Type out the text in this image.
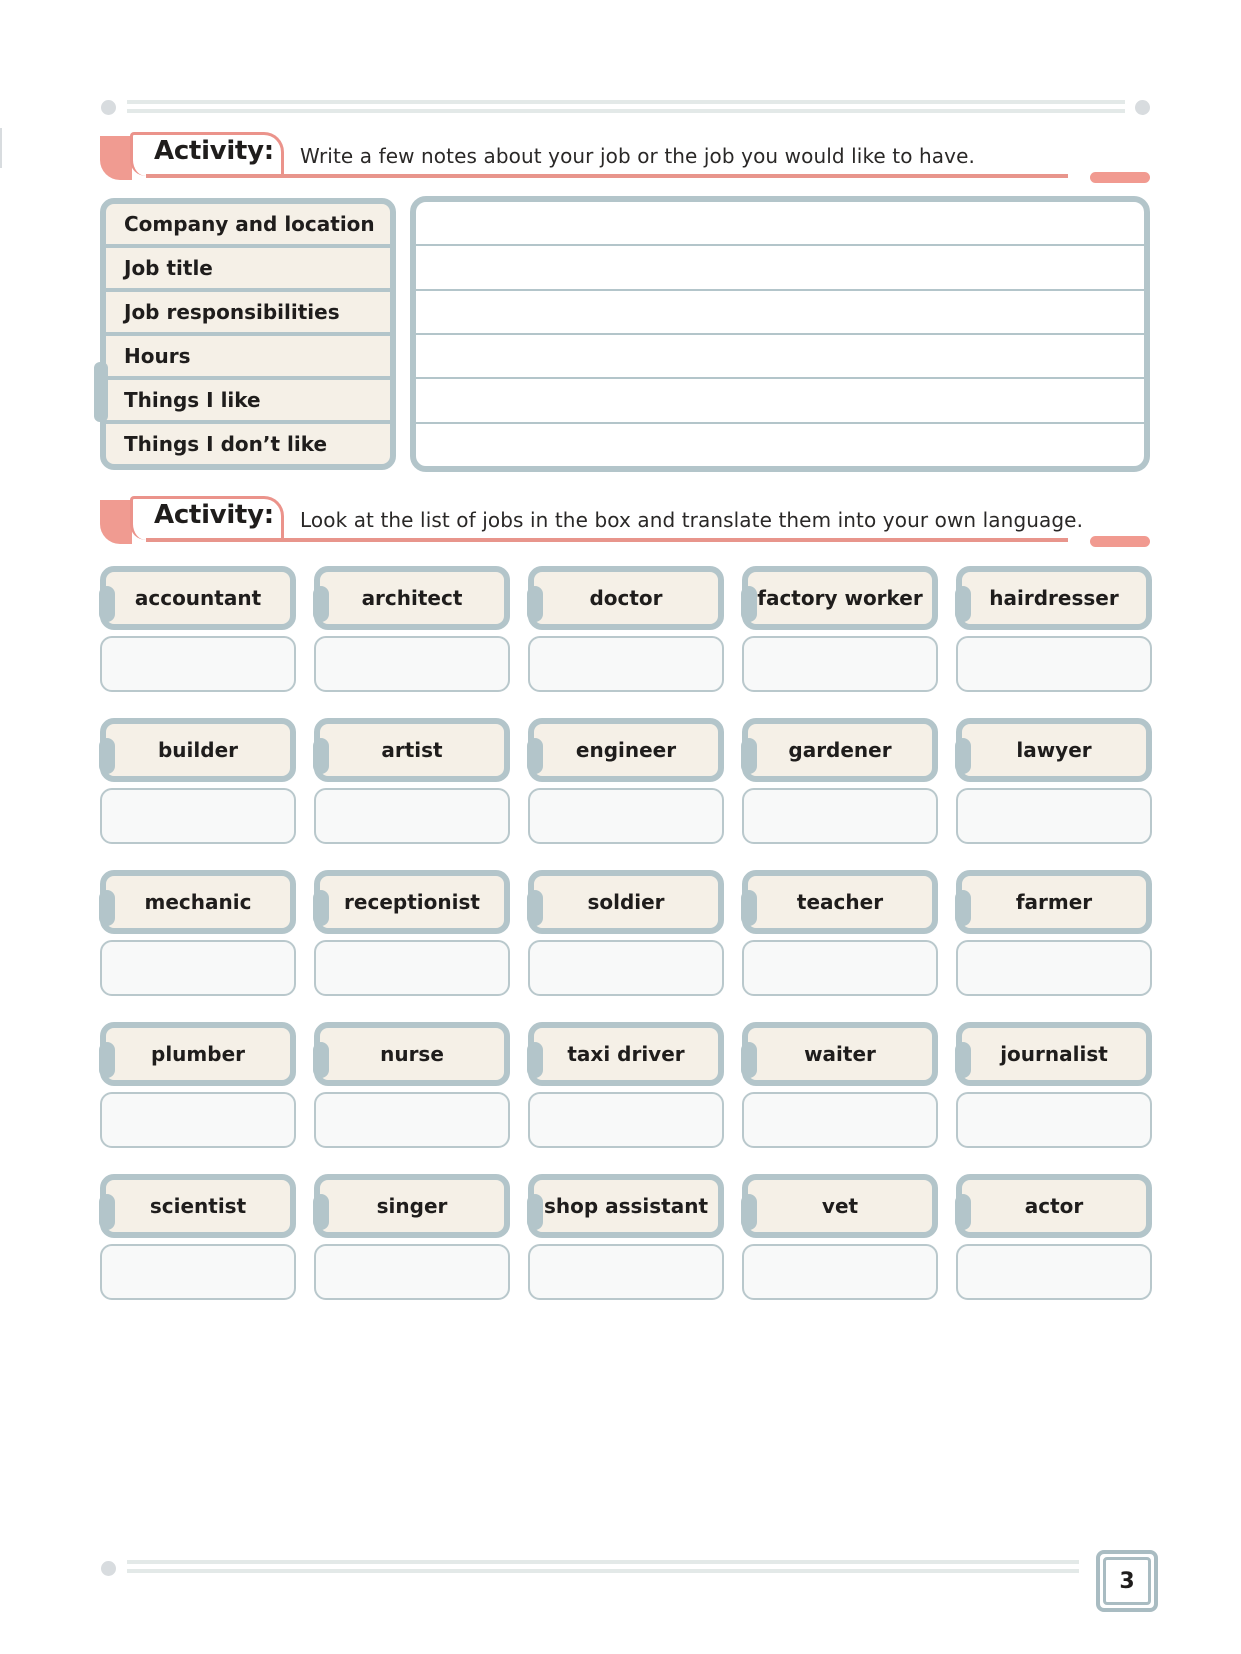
Activity: Write a few notes about your job or the job you would like to have.
Company and location
Job title
Job responsibilities
Hours
Things I like
Things I don’t like
Activity: Look at the list of jobs in the box and translate them into your own language.
accountant	architect	doctor	factory worker	hairdresser
builder	artist	engineer	gardener	lawyer
mechanic	receptionist	soldier	teacher	farmer
plumber	nurse	taxi driver	waiter	journalist
scientist	singer	shop assistant	vet	actor
3
